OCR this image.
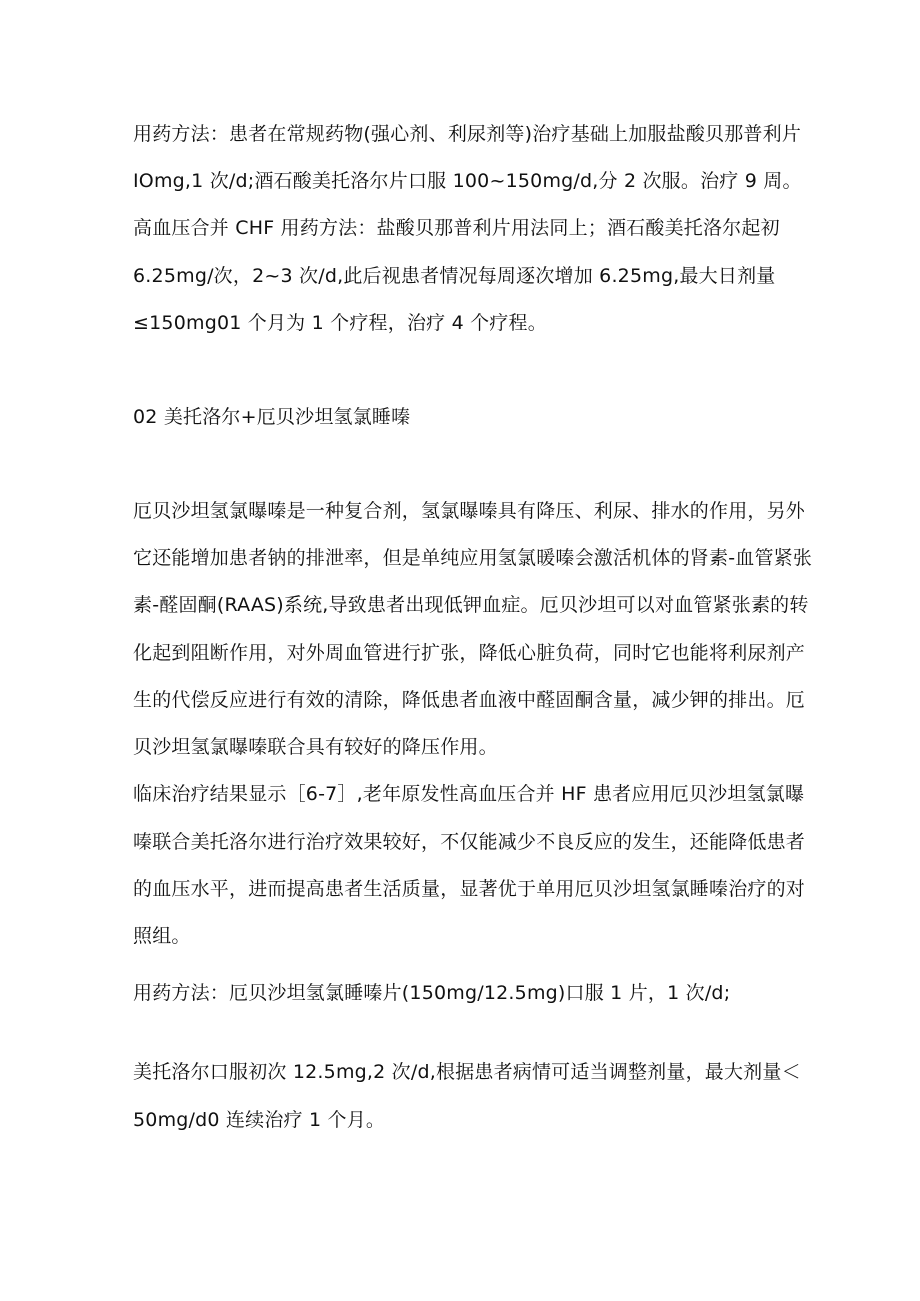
用药方法：患者在常规药物(强心剂、利尿剂等)治疗基础上加服盐酸贝那普利片
IOmg,1 次/d;酒石酸美托洛尔片口服 100~150mg/d,分 2 次服。治疗 9 周。
高血压合并 CHF 用药方法：盐酸贝那普利片用法同上；酒石酸美托洛尔起初
6.25mg/次，2~3 次/d,此后视患者情况每周逐次增加 6.25mg,最大日剂量
≤150mg01 个月为 1 个疗程，治疗 4 个疗程。
02 美托洛尔+厄贝沙坦氢氯睡嗪
厄贝沙坦氢氯曝嗪是一种复合剂，氢氯曝嗪具有降压、利尿、排水的作用，另外
它还能增加患者钠的排泄率，但是单纯应用氢氯暖嗪会激活机体的肾素-血管紧张
素-醛固酮(RAAS)系统,导致患者出现低钾血症。厄贝沙坦可以对血管紧张素的转
化起到阻断作用，对外周血管进行扩张，降低心脏负荷，同时它也能将利尿剂产
生的代偿反应进行有效的清除，降低患者血液中醛固酮含量，减少钾的排出。厄
贝沙坦氢氯曝嗪联合具有较好的降压作用。
临床治疗结果显示［6-7］,老年原发性高血压合并 HF 患者应用厄贝沙坦氢氯曝
嗪联合美托洛尔进行治疗效果较好，不仅能减少不良反应的发生，还能降低患者
的血压水平，进而提高患者生活质量，显著优于单用厄贝沙坦氢氯睡嗪治疗的对
照组。
用药方法：厄贝沙坦氢氯睡嗪片(150mg/12.5mg)口服 1 片，1 次/d;
美托洛尔口服初次 12.5mg,2 次/d,根据患者病情可适当调整剂量，最大剂量＜
50mg/d0 连续治疗 1 个月。
